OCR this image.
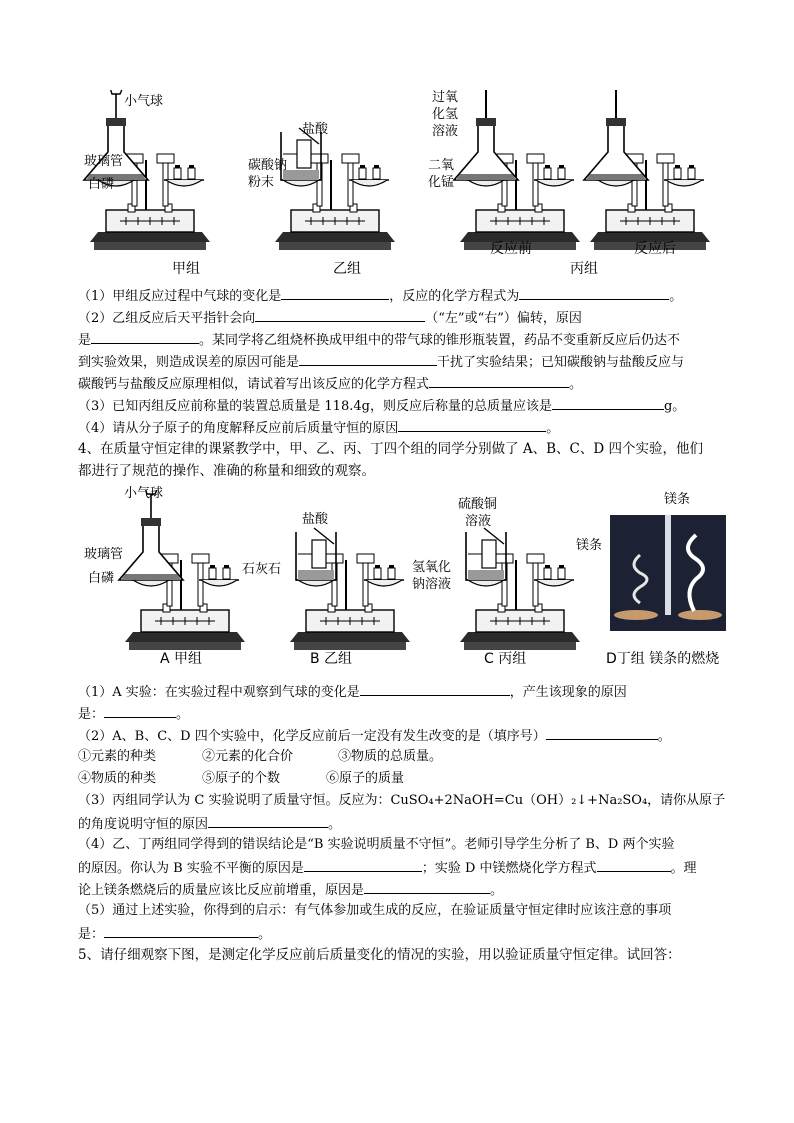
小气球
玻璃管
白磷
盐酸
碳酸钠
粉末
过氧
化氢
溶液
二氧
化锰
反应前	反应后
甲组	乙组	丙组
（1）甲组反应过程中气球的变化是	，反应的化学方程式为	。
（2）乙组反应后天平指针会向	（“左”或“右”）偏转，原因
是	。某同学将乙组烧杯换成甲组中的带气球的锥形瓶装置，药品不变重新反应后仍达不
到实验效果，则造成误差的原因可能是	干扰了实验结果；已知碳酸钠与盐酸反应与
碳酸钙与盐酸反应原理相似，请试着写出该反应的化学方程式	。
（3）已知丙组反应前称量的装置总质量是 118.4g，则反应后称量的总质量应该是	g。
（4）请从分子原子的角度解释反应前后质量守恒的原因	。
4、在质量守恒定律的课紧教学中，甲、乙、丙、丁四个组的同学分别做了 A、B、C、D 四个实验，他们
都进行了规范的操作、准确的称量和细致的观察。
小气球
玻璃管
白磷
盐酸
石灰石
硫酸铜
溶液
氢氧化
钠溶液
镁条
镁条
A 甲组	B 乙组	C 丙组	D丁组 镁条的燃烧
（1）A 实验：在实验过程中观察到气球的变化是	，产生该现象的原因
是：	。
（2）A、B、C、D 四个实验中，化学反应前后一定没有发生改变的是（填序号）	。
①元素的种类	②元素的化合价	③物质的总质量。
④物质的种类	⑤原子的个数	⑥原子的质量
（3）丙组同学认为 C 实验说明了质量守恒。反应为：CuSO₄+2NaOH=Cu（OH）₂↓+Na₂SO₄，请你从原子
的角度说明守恒的原因	。
（4）乙、丁两组同学得到的错误结论是“B 实验说明质量不守恒”。老师引导学生分析了 B、D 两个实验
的原因。你认为 B 实验不平衡的原因是	；实验 D 中镁燃烧化学方程式	。理
论上镁条燃烧后的质量应该比反应前增重，原因是	。
（5）通过上述实验，你得到的启示：有气体参加或生成的反应，在验证质量守恒定律时应该注意的事项
是：	。
5、请仔细观察下图，是测定化学反应前后质量变化的情况的实验，用以验证质量守恒定律。试回答：
